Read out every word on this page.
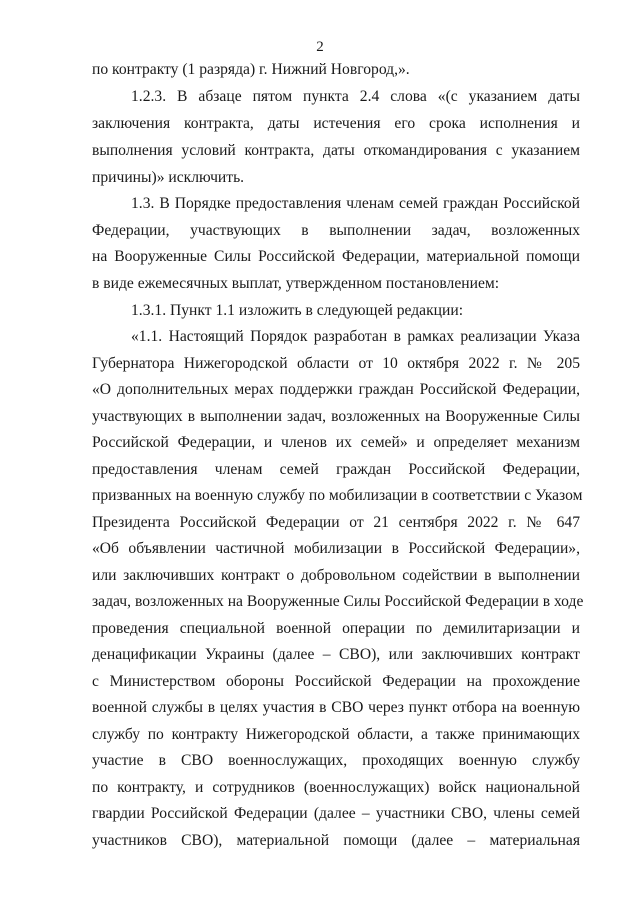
2
по контракту (1 разряда) г. Нижний Новгород,».
1.2.3. В абзаце пятом пункта 2.4 слова «(с указанием даты
заключения контракта, даты истечения его срока исполнения и
выполнения условий контракта, даты откомандирования с указанием
причины)» исключить.
1.3. В Порядке предоставления членам семей граждан Российской
Федерации, участвующих в выполнении задач, возложенных
на Вооруженные Силы Российской Федерации, материальной помощи
в виде ежемесячных выплат, утвержденном постановлением:
1.3.1. Пункт 1.1 изложить в следующей редакции:
«1.1. Настоящий Порядок разработан в рамках реализации Указа
Губернатора Нижегородской области от 10 октября 2022 г. № 205
«О дополнительных мерах поддержки граждан Российской Федерации,
участвующих в выполнении задач, возложенных на Вооруженные Силы
Российской Федерации, и членов их семей» и определяет механизм
предоставления членам семей граждан Российской Федерации,
призванных на военную службу по мобилизации в соответствии с Указом
Президента Российской Федерации от 21 сентября 2022 г. № 647
«Об объявлении частичной мобилизации в Российской Федерации»,
или заключивших контракт о добровольном содействии в выполнении
задач, возложенных на Вооруженные Силы Российской Федерации в ходе
проведения специальной военной операции по демилитаризации и
денацификации Украины (далее – СВО), или заключивших контракт
с Министерством обороны Российской Федерации на прохождение
военной службы в целях участия в СВО через пункт отбора на военную
службу по контракту Нижегородской области, а также принимающих
участие в СВО военнослужащих, проходящих военную службу
по контракту, и сотрудников (военнослужащих) войск национальной
гвардии Российской Федерации (далее – участники СВО, члены семей
участников СВО), материальной помощи (далее – материальная
